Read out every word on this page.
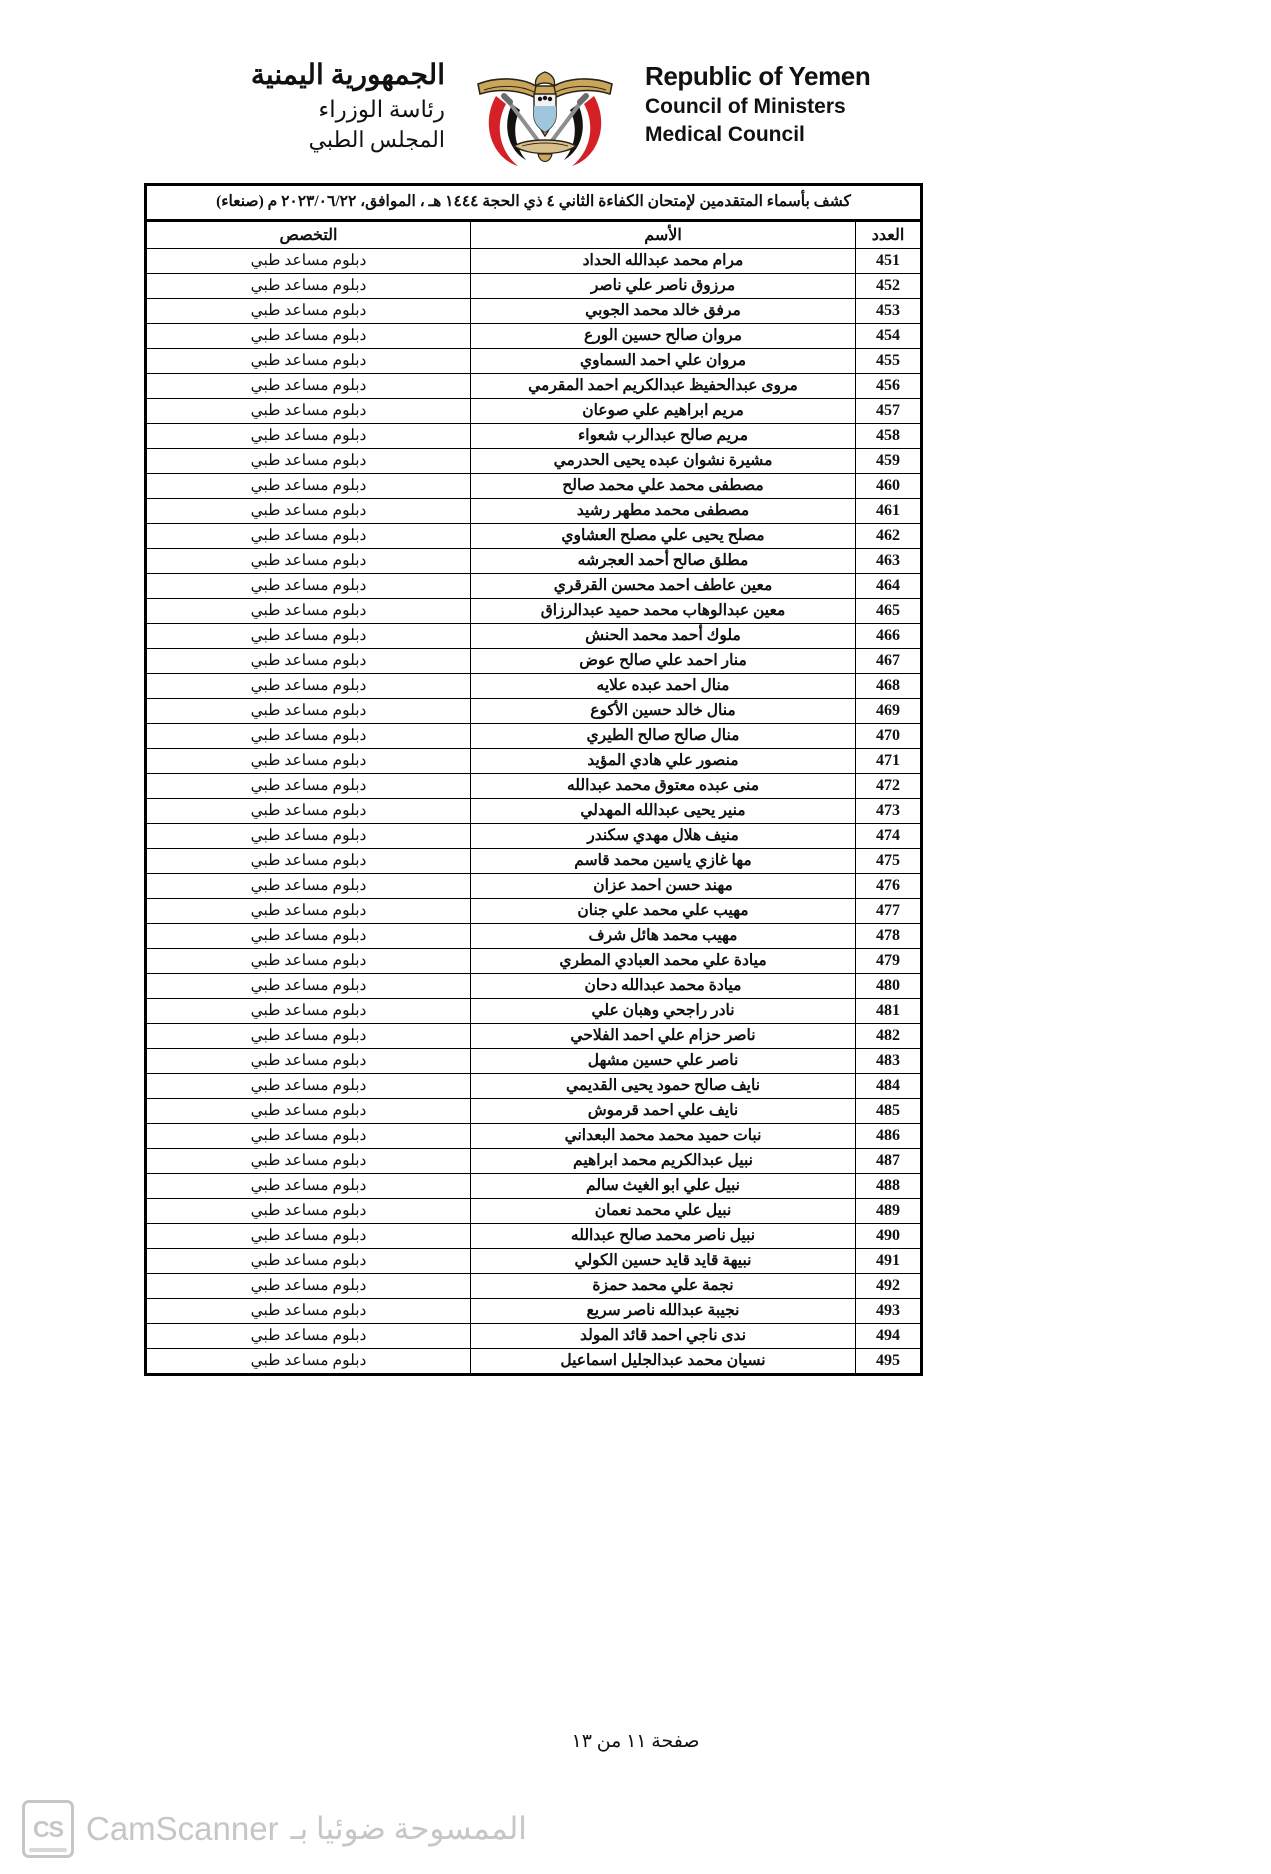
Republic of Yemen
Council of Ministers
Medical Council
الجمهورية اليمنية
رئاسة الوزراء
المجلس الطبي
كشف بأسماء المتقدمين لإمتحان الكفاءة الثاني ٤ ذي الحجة ١٤٤٤ هـ ، الموافق، ٢٠٢٣/٠٦/٢٢ م (صنعاء)
العدد	الأسم	التخصص
451	مرام محمد عبدالله الحداد	دبلوم مساعد طبي
452	مرزوق ناصر علي ناصر	دبلوم مساعد طبي
453	مرفق خالد محمد الجوبي	دبلوم مساعد طبي
454	مروان صالح حسين الورع	دبلوم مساعد طبي
455	مروان علي احمد السماوي	دبلوم مساعد طبي
456	مروى عبدالحفيظ عبدالكريم احمد المقرمي	دبلوم مساعد طبي
457	مريم ابراهيم علي صوعان	دبلوم مساعد طبي
458	مريم صالح عبدالرب شعواء	دبلوم مساعد طبي
459	مشيرة نشوان عبده يحيى الحدرمي	دبلوم مساعد طبي
460	مصطفى محمد علي محمد صالح	دبلوم مساعد طبي
461	مصطفى محمد مطهر رشيد	دبلوم مساعد طبي
462	مصلح يحيى علي مصلح العشاوي	دبلوم مساعد طبي
463	مطلق صالح أحمد العجرشه	دبلوم مساعد طبي
464	معين عاطف احمد محسن القرقري	دبلوم مساعد طبي
465	معين عبدالوهاب محمد حميد عبدالرزاق	دبلوم مساعد طبي
466	ملوك أحمد محمد الحنش	دبلوم مساعد طبي
467	منار احمد علي صالح عوض	دبلوم مساعد طبي
468	منال احمد عبده علايه	دبلوم مساعد طبي
469	منال خالد حسين الأكوع	دبلوم مساعد طبي
470	منال صالح صالح الطيري	دبلوم مساعد طبي
471	منصور علي هادي المؤيد	دبلوم مساعد طبي
472	منى عبده معتوق محمد عبدالله	دبلوم مساعد طبي
473	منير يحيى عبدالله المهدلي	دبلوم مساعد طبي
474	منيف هلال مهدي سكندر	دبلوم مساعد طبي
475	مها غازي ياسين محمد قاسم	دبلوم مساعد طبي
476	مهند حسن احمد عزان	دبلوم مساعد طبي
477	مهيب علي محمد علي جنان	دبلوم مساعد طبي
478	مهيب محمد هائل شرف	دبلوم مساعد طبي
479	ميادة علي محمد العبادي المطري	دبلوم مساعد طبي
480	ميادة محمد عبدالله دحان	دبلوم مساعد طبي
481	نادر راجحي وهبان علي	دبلوم مساعد طبي
482	ناصر حزام علي احمد الفلاحي	دبلوم مساعد طبي
483	ناصر علي حسين مشهل	دبلوم مساعد طبي
484	نايف صالح حمود يحيى القديمي	دبلوم مساعد طبي
485	نايف علي احمد قرموش	دبلوم مساعد طبي
486	نبات حميد محمد محمد البعداني	دبلوم مساعد طبي
487	نبيل عبدالكريم محمد ابراهيم	دبلوم مساعد طبي
488	نبيل علي ابو الغيث سالم	دبلوم مساعد طبي
489	نبيل علي محمد نعمان	دبلوم مساعد طبي
490	نبيل ناصر محمد صالح عبدالله	دبلوم مساعد طبي
491	نبيهة قايد قايد حسين الكولي	دبلوم مساعد طبي
492	نجمة علي محمد حمزة	دبلوم مساعد طبي
493	نجيبة عبدالله ناصر سريع	دبلوم مساعد طبي
494	ندى ناجي احمد قائد المولد	دبلوم مساعد طبي
495	نسيان محمد عبدالجليل اسماعيل	دبلوم مساعد طبي
صفحة ١١ من ١٣
CS CamScanner الممسوحة ضوئيا بـ
